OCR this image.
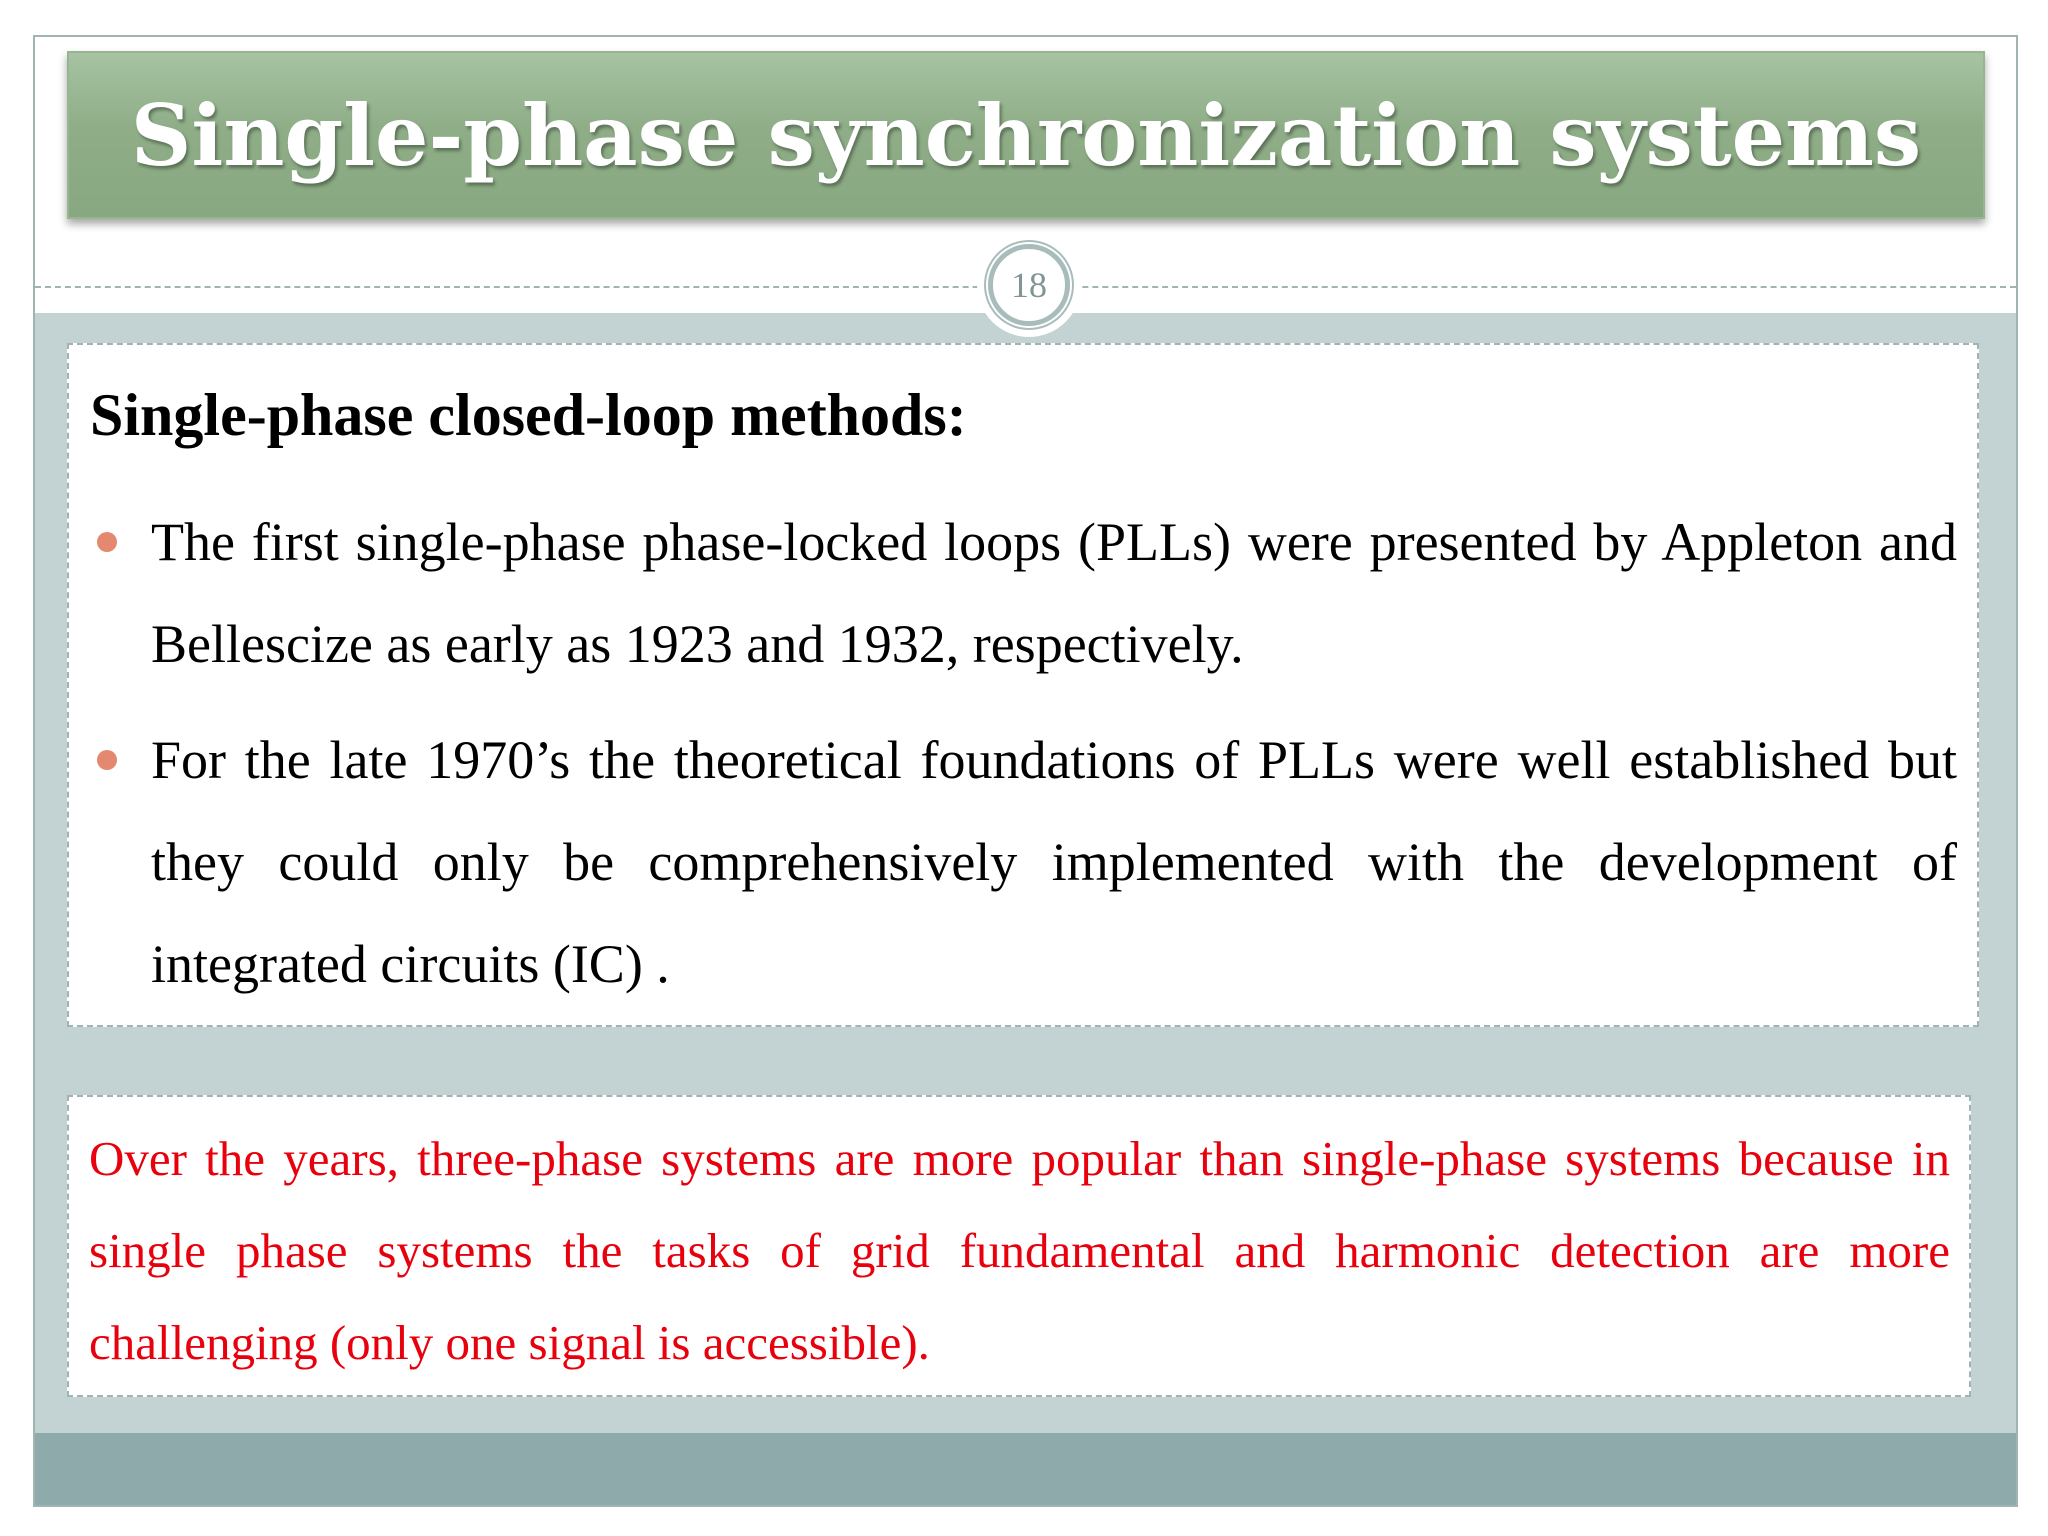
Single-phase synchronization systems
18
Single-phase closed-loop methods:
The first single-phase phase-locked loops (PLLs) were presented by Appleton and Bellescize as early as 1923 and 1932, respectively.
For the late 1970’s the theoretical foundations of PLLs were well established but they could only be comprehensively implemented with the development of integrated circuits (IC) .

Over the years, three-phase systems are more popular than single-phase systems because in single phase systems the tasks of grid fundamental and harmonic detection are more challenging (only one signal is accessible).
